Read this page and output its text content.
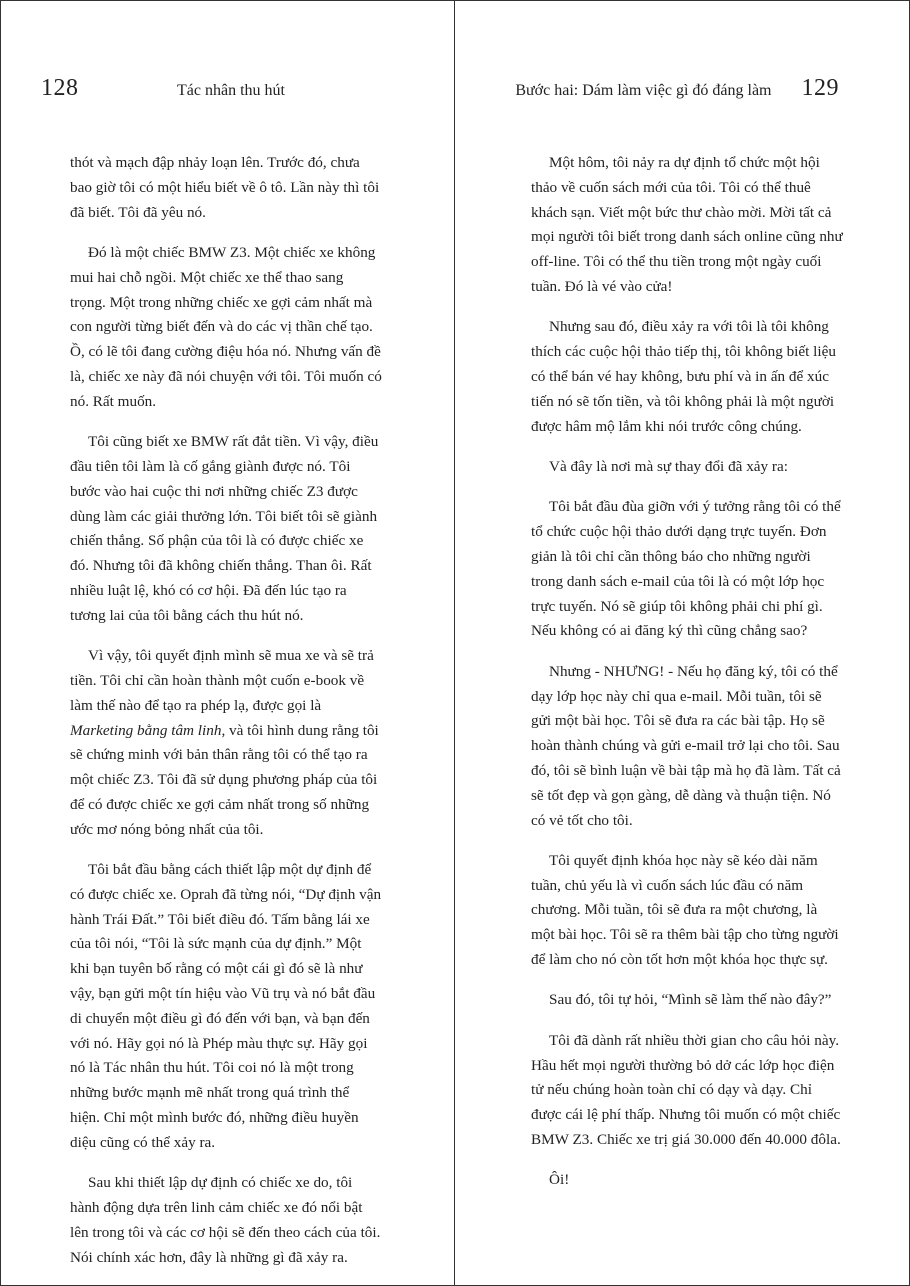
128	Tác nhân thu hút

thót và mạch đập nhảy loạn lên. Trước đó, chưa bao giờ tôi có một hiểu biết về ô tô. Lần này thì tôi đã biết. Tôi đã yêu nó.

Đó là một chiếc BMW Z3. Một chiếc xe không mui hai chỗ ngồi. Một chiếc xe thể thao sang trọng. Một trong những chiếc xe gợi cảm nhất mà con người từng biết đến và do các vị thần chế tạo. Ồ, có lẽ tôi đang cường điệu hóa nó. Nhưng vấn đề là, chiếc xe này đã nói chuyện với tôi. Tôi muốn có nó. Rất muốn.

Tôi cũng biết xe BMW rất đắt tiền. Vì vậy, điều đầu tiên tôi làm là cố gắng giành được nó. Tôi bước vào hai cuộc thi nơi những chiếc Z3 được dùng làm các giải thưởng lớn. Tôi biết tôi sẽ giành chiến thắng. Số phận của tôi là có được chiếc xe đó. Nhưng tôi đã không chiến thắng. Than ôi. Rất nhiều luật lệ, khó có cơ hội. Đã đến lúc tạo ra tương lai của tôi bằng cách thu hút nó.

Vì vậy, tôi quyết định mình sẽ mua xe và sẽ trả tiền. Tôi chỉ cần hoàn thành một cuốn e-book về làm thế nào để tạo ra phép lạ, được gọi là Marketing bằng tâm linh, và tôi hình dung rằng tôi sẽ chứng minh với bản thân rằng tôi có thể tạo ra một chiếc Z3. Tôi đã sử dụng phương pháp của tôi để có được chiếc xe gợi cảm nhất trong số những ước mơ nóng bỏng nhất của tôi.

Tôi bắt đầu bằng cách thiết lập một dự định để có được chiếc xe. Oprah đã từng nói, “Dự định vận hành Trái Đất.” Tôi biết điều đó. Tấm bằng lái xe của tôi nói, “Tôi là sức mạnh của dự định.” Một khi bạn tuyên bố rằng có một cái gì đó sẽ là như vậy, bạn gửi một tín hiệu vào Vũ trụ và nó bắt đầu di chuyển một điều gì đó đến với bạn, và bạn đến với nó. Hãy gọi nó là Phép màu thực sự. Hãy gọi nó là Tác nhân thu hút. Tôi coi nó là một trong những bước mạnh mẽ nhất trong quá trình thể hiện. Chỉ một mình bước đó, những điều huyền diệu cũng có thể xảy ra.

Sau khi thiết lập dự định có chiếc xe do, tôi hành động dựa trên linh cảm chiếc xe đó nổi bật lên trong tôi và các cơ hội sẽ đến theo cách của tôi. Nói chính xác hơn, đây là những gì đã xảy ra.

Bước hai: Dám làm việc gì đó đáng làm 129

Một hôm, tôi nảy ra dự định tổ chức một hội thảo về cuốn sách mới của tôi. Tôi có thể thuê khách sạn. Viết một bức thư chào mời. Mời tất cả mọi người tôi biết trong danh sách online cũng như off-line. Tôi có thể thu tiền trong một ngày cuối tuần. Đó là vé vào cửa!

Nhưng sau đó, điều xảy ra với tôi là tôi không thích các cuộc hội thảo tiếp thị, tôi không biết liệu có thể bán vé hay không, bưu phí và in ấn để xúc tiến nó sẽ tốn tiền, và tôi không phải là một người được hâm mộ lắm khi nói trước công chúng.

Và đây là nơi mà sự thay đổi đã xảy ra:

Tôi bắt đầu đùa giỡn với ý tưởng rằng tôi có thể tổ chức cuộc hội thảo dưới dạng trực tuyến. Đơn giản là tôi chỉ cần thông báo cho những người trong danh sách e-mail của tôi là có một lớp học trực tuyến. Nó sẽ giúp tôi không phải chi phí gì. Nếu không có ai đăng ký thì cũng chẳng sao?

Nhưng - NHƯNG! - Nếu họ đăng ký, tôi có thể dạy lớp học này chỉ qua e-mail. Mỗi tuần, tôi sẽ gửi một bài học. Tôi sẽ đưa ra các bài tập. Họ sẽ hoàn thành chúng và gửi e-mail trở lại cho tôi. Sau đó, tôi sẽ bình luận về bài tập mà họ đã làm. Tất cả sẽ tốt đẹp và gọn gàng, dễ dàng và thuận tiện. Nó có vẻ tốt cho tôi.

Tôi quyết định khóa học này sẽ kéo dài năm tuần, chủ yếu là vì cuốn sách lúc đầu có năm chương. Mỗi tuần, tôi sẽ đưa ra một chương, là một bài học. Tôi sẽ ra thêm bài tập cho từng người để làm cho nó còn tốt hơn một khóa học thực sự.

Sau đó, tôi tự hỏi, “Mình sẽ làm thế nào đây?”

Tôi đã dành rất nhiều thời gian cho câu hỏi này. Hầu hết mọi người thường bỏ dở các lớp học điện tử nếu chúng hoàn toàn chỉ có dạy và dạy. Chỉ được cái lệ phí thấp. Nhưng tôi muốn có một chiếc BMW Z3. Chiếc xe trị giá 30.000 đến 40.000 đôla.

Ôi!
